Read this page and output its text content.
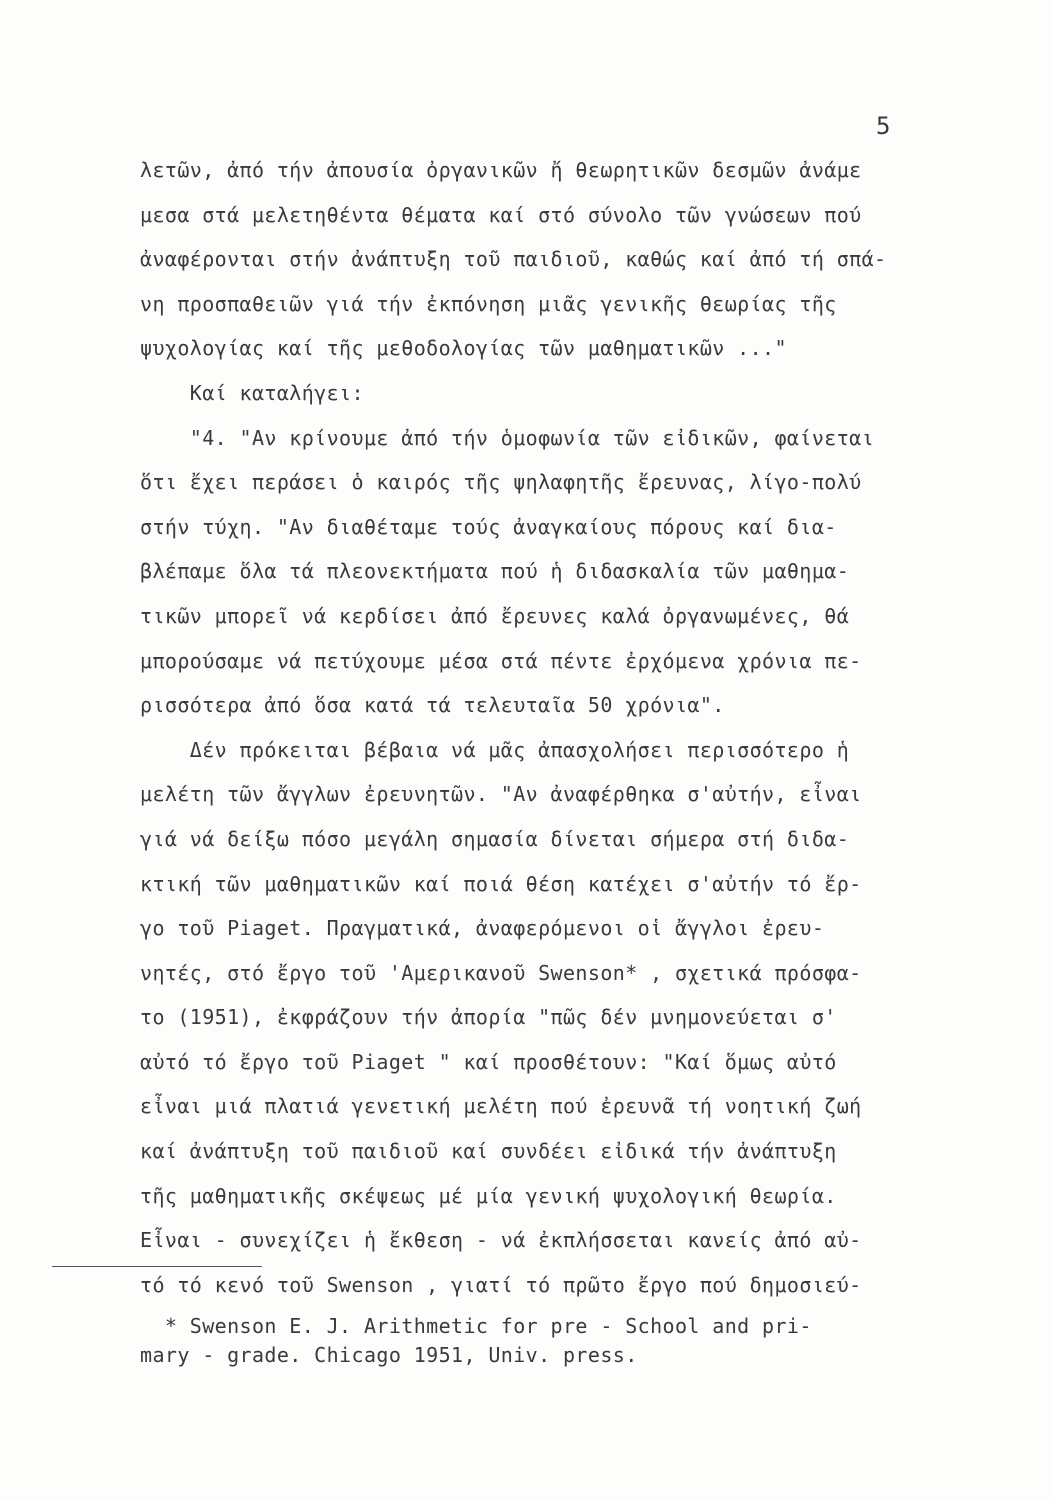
5
λετῶν, ἀπό τήν ἀπουσία ὀργανικῶν ἤ θεωρητικῶν δεσμῶν ἀνάμε
μεσα στά μελετηθέντα θέματα καί στό σύνολο τῶν γνώσεων πού
ἀναφέρονται στήν ἀνάπτυξη τοῦ παιδιοῦ, καθώς καί ἀπό τή σπά-
νη προσπαθειῶν γιά τήν ἐκπόνηση μιᾶς γενικῆς θεωρίας τῆς
ψυχολογίας καί τῆς μεθοδολογίας τῶν μαθηματικῶν ..."
Καί καταλήγει:
"4. "Αν κρίνουμε ἀπό τήν ὁμοφωνία τῶν εἰδικῶν, φαίνεται
ὅτι ἔχει περάσει ὁ καιρός τῆς ψηλαφητῆς ἔρευνας, λίγο-πολύ
στήν τύχη. "Αν διαθέταμε τούς ἀναγκαίους πόρους καί δια-
βλέπαμε ὅλα τά πλεονεκτήματα πού ἡ διδασκαλία τῶν μαθημα-
τικῶν μπορεῖ νά κερδίσει ἀπό ἔρευνες καλά ὀργανωμένες, θά
μπορούσαμε νά πετύχουμε μέσα στά πέντε ἐρχόμενα χρόνια πε-
ρισσότερα ἀπό ὅσα κατά τά τελευταῖα 50 χρόνια".
Δέν πρόκειται βέβαια νά μᾶς ἀπασχολήσει περισσότερο ἡ
μελέτη τῶν ἄγγλων ἐρευνητῶν. "Αν ἀναφέρθηκα σ'αὐτήν, εἶναι
γιά νά δείξω πόσο μεγάλη σημασία δίνεται σήμερα στή διδα-
κτική τῶν μαθηματικῶν καί ποιά θέση κατέχει σ'αὐτήν τό ἔρ-
γο τοῦ Piaget. Πραγματικά, ἀναφερόμενοι οἱ ἄγγλοι ἐρευ-
νητές, στό ἔργο τοῦ 'Αμερικανοῦ Swenson* , σχετικά πρόσφα-
το (1951), ἐκφράζουν τήν ἀπορία "πῶς δέν μνημονεύεται σ'
αὐτό τό ἔργο τοῦ Piaget " καί προσθέτουν: "Καί ὅμως αὐτό
εἶναι μιά πλατιά γενετική μελέτη πού ἐρευνᾶ τή νοητική ζωή
καί ἀνάπτυξη τοῦ παιδιοῦ καί συνδέει εἰδικά τήν ἀνάπτυξη
τῆς μαθηματικῆς σκέψεως μέ μία γενική ψυχολογική θεωρία.
Εἶναι - συνεχίζει ἡ ἔκθεση - νά ἐκπλήσσεται κανείς ἀπό αὐ-
τό τό κενό τοῦ Swenson , γιατί τό πρῶτο ἔργο πού δημοσιεύ-
* Swenson E. J. Arithmetic for pre - School and pri-
mary - grade. Chicago 1951, Univ. press.
